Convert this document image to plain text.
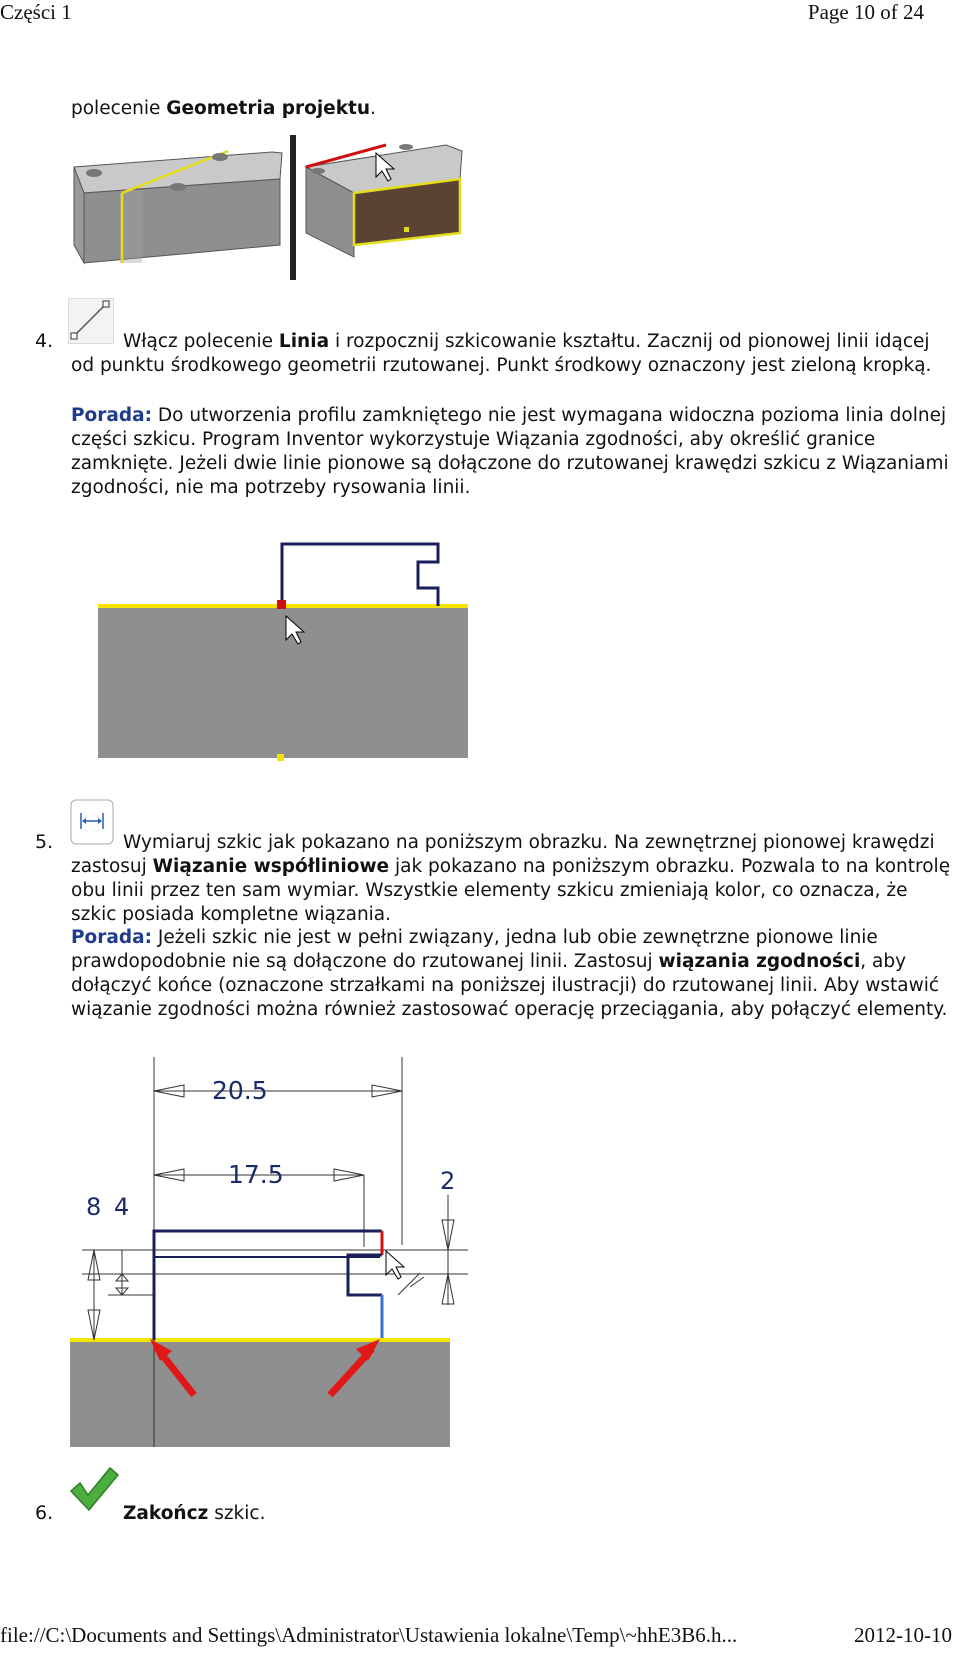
Części 1	Page 10 of 24
polecenie Geometria projektu.
4.	Włącz polecenie Linia i rozpocznij szkicowanie kształtu. Zacznij od pionowej linii idącej od punktu środkowego geometrii rzutowanej. Punkt środkowy oznaczony jest zieloną kropką.
Porada: Do utworzenia profilu zamkniętego nie jest wymagana widoczna pozioma linia dolnej części szkicu. Program Inventor wykorzystuje Wiązania zgodności, aby określić granice zamknięte. Jeżeli dwie linie pionowe są dołączone do rzutowanej krawędzi szkicu z Wiązaniami zgodności, nie ma potrzeby rysowania linii.
5.	Wymiaruj szkic jak pokazano na poniższym obrazku. Na zewnętrznej pionowej krawędzi zastosuj Wiązanie współliniowe jak pokazano na poniższym obrazku. Pozwala to na kontrolę obu linii przez ten sam wymiar. Wszystkie elementy szkicu zmieniają kolor, co oznacza, że szkic posiada kompletne wiązania.
Porada: Jeżeli szkic nie jest w pełni związany, jedna lub obie zewnętrzne pionowe linie prawdopodobnie nie są dołączone do rzutowanej linii. Zastosuj wiązania zgodności, aby dołączyć końce (oznaczone strzałkami na poniższej ilustracji) do rzutowanej linii. Aby wstawić wiązanie zgodności można również zastosować operację przeciągania, aby połączyć elementy.
20.5
17.5
8 4
2
6.	Zakończ szkic.
file://C:\Documents and Settings\Administrator\Ustawienia lokalne\Temp\~hhE3B6.h...	2012-10-10
